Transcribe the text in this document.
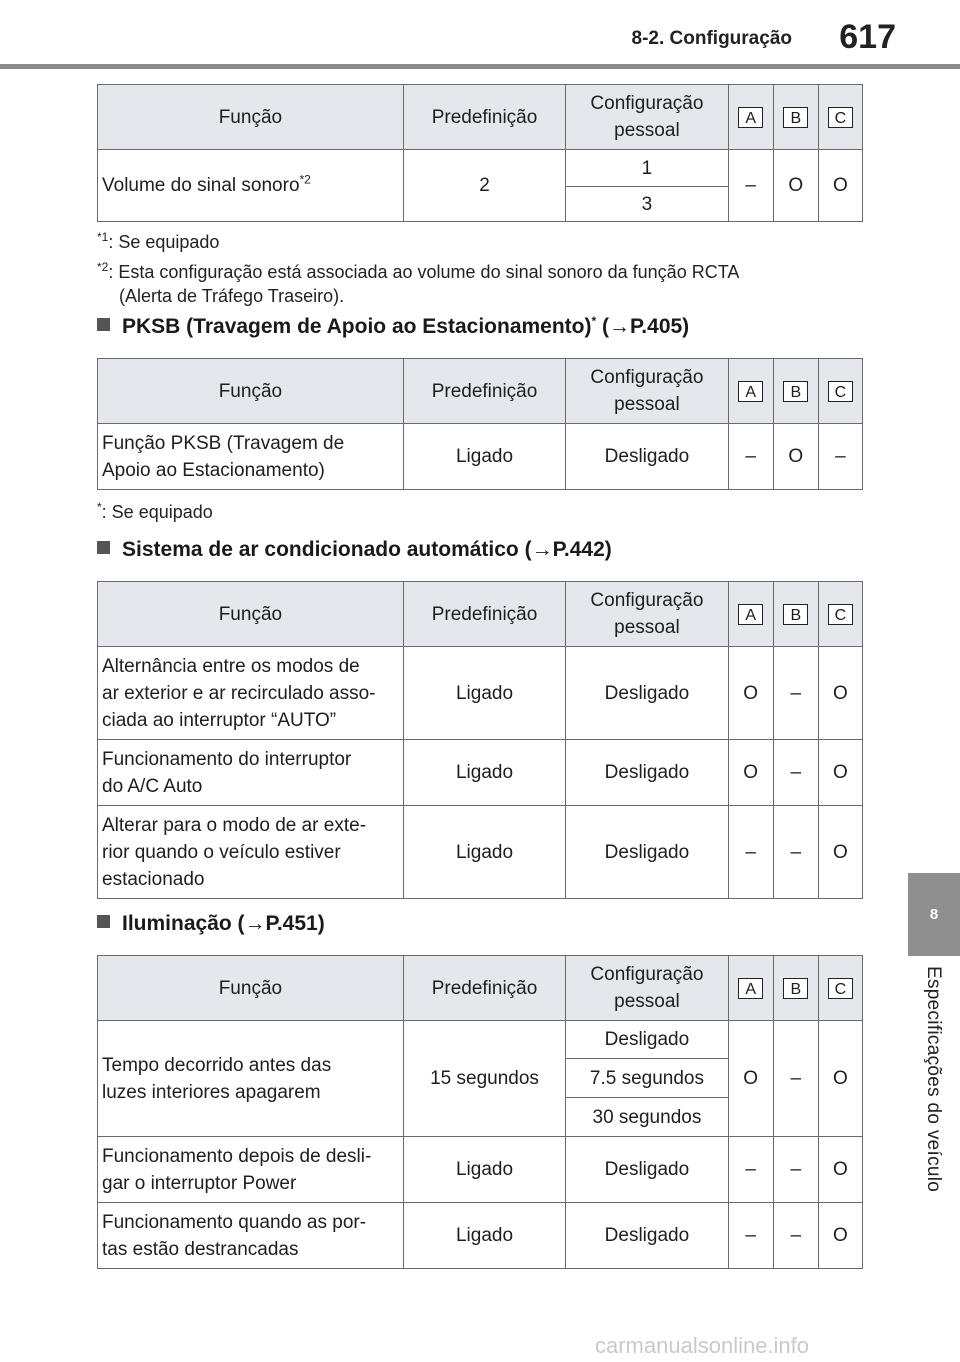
8-2. Configuração 617
8
Especificações do veículo
Função	Predefinição	Configuração pessoal	A	B	C
Volume do sinal sonoro$^{*2}$	2	1	–	O	O
		3			
$^{*1}$: Se equipado
$^{*2}$: Esta configuração está associada ao volume do sinal sonoro da função RCTA
(Alerta de Tráfego Traseiro).
PKSB (Travagem de Apoio ao Estacionamento)* (→P.405)
Função	Predefinição	Configuração pessoal	A	B	C
Função PKSB (Travagem de
Apoio ao Estacionamento)	Ligado	Desligado	–	O	–
*: Se equipado
Sistema de ar condicionado automático (→P.442)
Função	Predefinição	Configuração pessoal	A	B	C
Alternância entre os modos de
ar exterior e ar recirculado asso-
ciada ao interruptor “AUTO”	Ligado	Desligado	O	–	O
Funcionamento do interruptor
do A/C Auto	Ligado	Desligado	O	–	O
Alterar para o modo de ar exte-
rior quando o veículo estiver
estacionado	Ligado	Desligado	–	–	O
Iluminação (→P.451)
Função	Predefinição	Configuração pessoal	A	B	C
Tempo decorrido antes das
luzes interiores apagarem	15 segundos	Desligado	O	–	O
		7.5 segundos			
		30 segundos			
Funcionamento depois de desli-
gar o interruptor Power	Ligado	Desligado	–	–	O
Funcionamento quando as por-
tas estão destrancadas	Ligado	Desligado	–	–	O
carmanualsonline.info
